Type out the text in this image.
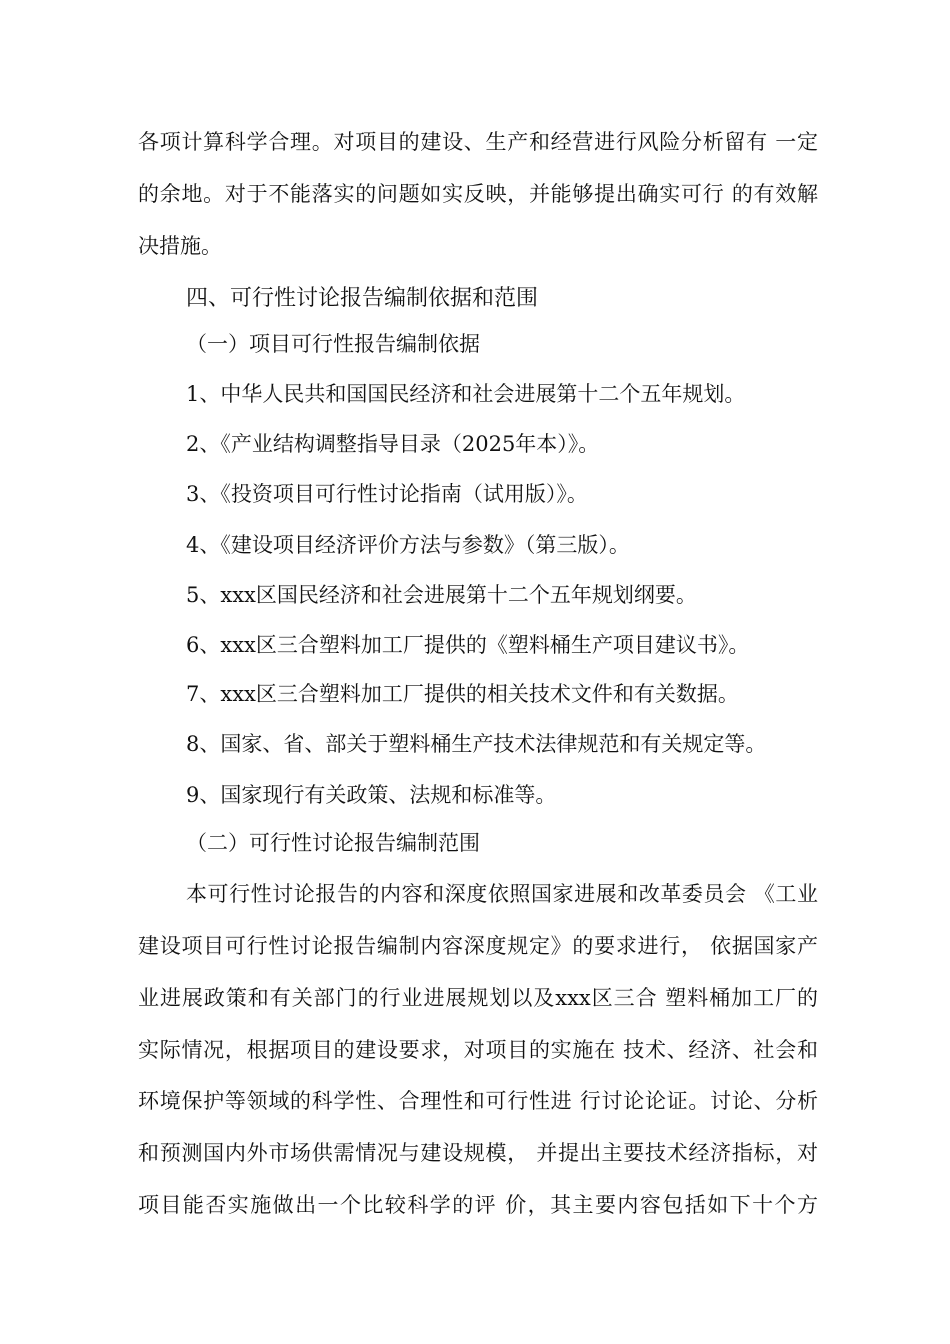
各项计算科学合理。对项目的建设、生产和经营进行风险分析留有 一定

的余地。对于不能落实的问题如实反映，并能够提出确实可行 的有效解

决措施。

四、可行性讨论报告编制依据和范围

（一）项目可行性报告编制依据

1、中华人民共和国国民经济和社会进展第十二个五年规划。

2、《产业结构调整指导目录（2025年本）》。

3、《投资项目可行性讨论指南（试用版）》。

4、《建设项目经济评价方法与参数》（第三版）。

5、xxx区国民经济和社会进展第十二个五年规划纲要。

6、xxx区三合塑料加工厂提供的《塑料桶生产项目建议书》。

7、xxx区三合塑料加工厂提供的相关技术文件和有关数据。

8、国家、省、部关于塑料桶生产技术法律规范和有关规定等。

9、国家现行有关政策、法规和标准等。

（二）可行性讨论报告编制范围

本可行性讨论报告的内容和深度依照国家进展和改革委员会 《工业

建设项目可行性讨论报告编制内容深度规定》的要求进行， 依据国家产

业进展政策和有关部门的行业进展规划以及xxx区三合 塑料桶加工厂的

实际情况，根据项目的建设要求，对项目的实施在 技术、经济、社会和

环境保护等领域的科学性、合理性和可行性进 行讨论论证。讨论、分析

和预测国内外市场供需情况与建设规模， 并提出主要技术经济指标，对

项目能否实施做出一个比较科学的评 价，其主要内容包括如下十个方
